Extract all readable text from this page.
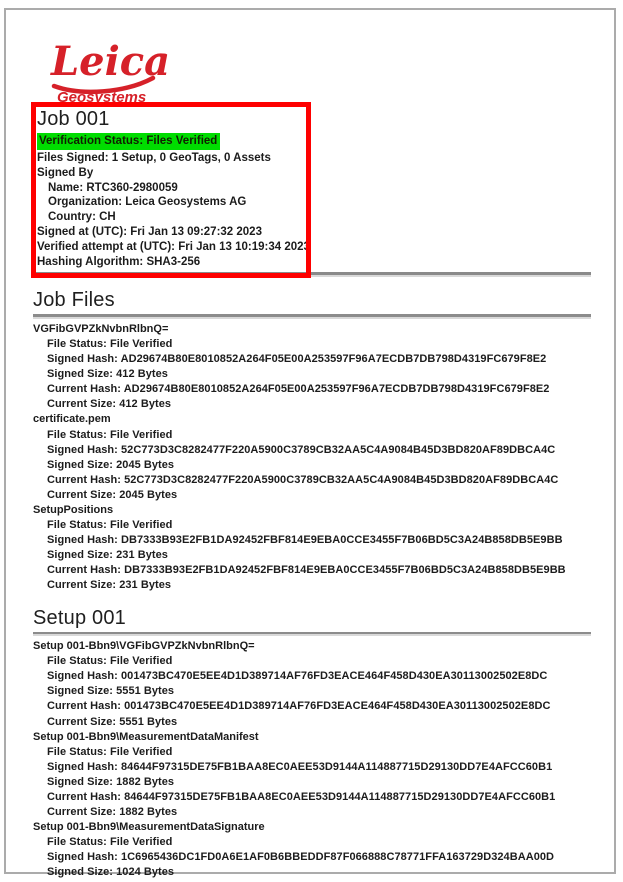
Leica
Geosystems
Job 001
Verification Status: Files Verified
Files Signed: 1 Setup, 0 GeoTags, 0 Assets
Signed By
Name: RTC360-2980059
Organization: Leica Geosystems AG
Country: CH
Signed at (UTC): Fri Jan 13 09:27:32 2023
Verified attempt at (UTC): Fri Jan 13 10:19:34 2023
Hashing Algorithm: SHA3-256
Job Files
VGFibGVPZkNvbnRlbnQ=
File Status: File Verified
Signed Hash: AD29674B80E8010852A264F05E00A253597F96A7ECDB7DB798D4319FC679F8E2
Signed Size: 412 Bytes
Current Hash: AD29674B80E8010852A264F05E00A253597F96A7ECDB7DB798D4319FC679F8E2
Current Size: 412 Bytes
certificate.pem
File Status: File Verified
Signed Hash: 52C773D3C8282477F220A5900C3789CB32AA5C4A9084B45D3BD820AF89DBCA4C
Signed Size: 2045 Bytes
Current Hash: 52C773D3C8282477F220A5900C3789CB32AA5C4A9084B45D3BD820AF89DBCA4C
Current Size: 2045 Bytes
SetupPositions
File Status: File Verified
Signed Hash: DB7333B93E2FB1DA92452FBF814E9EBA0CCE3455F7B06BD5C3A24B858DB5E9BB
Signed Size: 231 Bytes
Current Hash: DB7333B93E2FB1DA92452FBF814E9EBA0CCE3455F7B06BD5C3A24B858DB5E9BB
Current Size: 231 Bytes
Setup 001
Setup 001-Bbn9\VGFibGVPZkNvbnRlbnQ=
File Status: File Verified
Signed Hash: 001473BC470E5EE4D1D389714AF76FD3EACE464F458D430EA30113002502E8DC
Signed Size: 5551 Bytes
Current Hash: 001473BC470E5EE4D1D389714AF76FD3EACE464F458D430EA30113002502E8DC
Current Size: 5551 Bytes
Setup 001-Bbn9\MeasurementDataManifest
File Status: File Verified
Signed Hash: 84644F97315DE75FB1BAA8EC0AEE53D9144A114887715D29130DD7E4AFCC60B1
Signed Size: 1882 Bytes
Current Hash: 84644F97315DE75FB1BAA8EC0AEE53D9144A114887715D29130DD7E4AFCC60B1
Current Size: 1882 Bytes
Setup 001-Bbn9\MeasurementDataSignature
File Status: File Verified
Signed Hash: 1C6965436DC1FD0A6E1AF0B6BBEDDF87F066888C78771FFA163729D324BAA00D
Signed Size: 1024 Bytes
